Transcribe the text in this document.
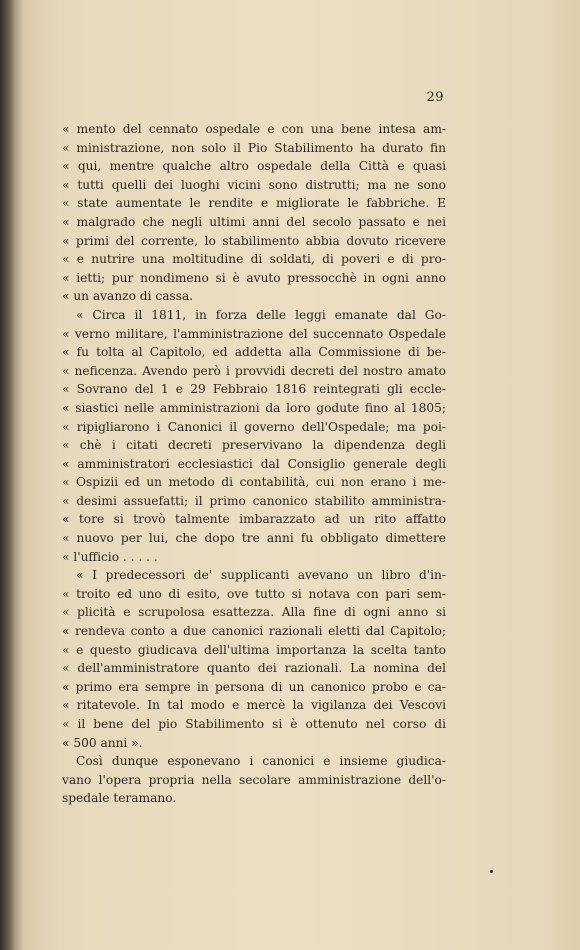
29
« mento del cennato ospedale e con una bene intesa am-
« ministrazione, non solo il Pio Stabilimento ha durato fin
« qui, mentre qualche altro ospedale della Città e quasi
« tutti quelli dei luoghi vicini sono distrutti; ma ne sono
« state aumentate le rendite e migliorate le fabbriche. E
« malgrado che negli ultimi anni del secolo passato e nei
« primi del corrente, lo stabilimento abbia dovuto ricevere
« e nutrire una moltitudine di soldati, di poveri e di pro-
« ietti; pur nondimeno si è avuto pressocchè in ogni anno
« un avanzo di cassa.
« Circa il 1811, in forza delle leggi emanate dal Go-
« verno militare, l'amministrazione del succennato Ospedale
« fu tolta al Capitolo, ed addetta alla Commissione di be-
« neficenza. Avendo però i provvidi decreti del nostro amato
« Sovrano del 1 e 29 Febbraio 1816 reintegrati gli eccle-
« siastici nelle amministrazioni da loro godute fino al 1805;
« ripigliarono i Canonici il governo dell'Ospedale; ma poi-
« chè i citati decreti preservivano la dipendenza degli
« amministratori ecclesiastici dal Consiglio generale degli
« Ospizii ed un metodo di contabilità, cui non erano i me-
« desimi assuefatti; il primo canonico stabilito amministra-
« tore si trovò talmente imbarazzato ad un rito affatto
« nuovo per lui, che dopo tre anni fu obbligato dimettere
« l'ufficio . . . . .
« I predecessori de' supplicanti avevano un libro d'in-
« troito ed uno di esito, ove tutto si notava con pari sem-
« plicità e scrupolosa esattezza. Alla fine di ogni anno si
« rendeva conto a due canonici razionali eletti dal Capitolo;
« e questo giudicava dell'ultima importanza la scelta tanto
« dell'amministratore quanto dei razionali. La nomina del
« primo era sempre in persona di un canonico probo e ca-
« ritatevole. In tal modo e mercè la vigilanza dei Vescovi
« il bene del pio Stabilimento si è ottenuto nel corso di
« 500 anni ».
Così dunque esponevano i canonici e insieme giudica-
vano l'opera propria nella secolare amministrazione dell'o-
spedale teramano.
